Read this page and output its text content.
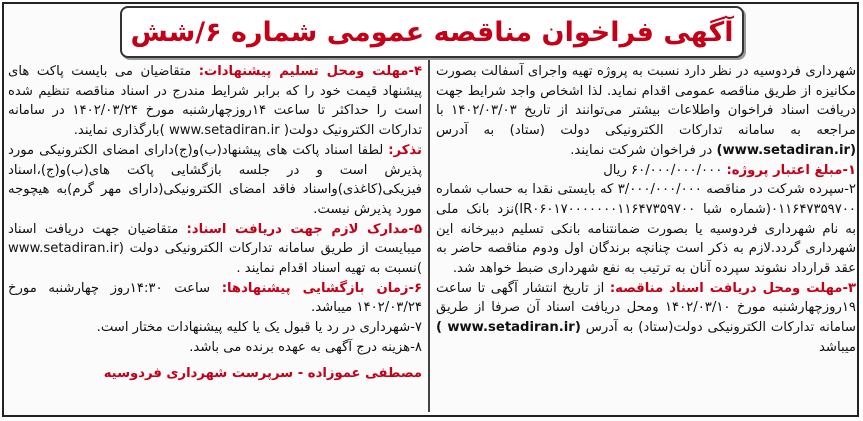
آگهی فراخوان مناقصه عمومی شماره ۶/شش

شهرداری فردوسیه در نظر دارد نسبت به پروژه تهیه واجرای آسفالت بصورت مکانیزه از طریق مناقصه عمومی اقدام نماید. لذا اشخاص واجد شرایط جهت دریافت اسناد فراخوان واطلاعات بیشتر می‌توانند از تاریخ ۱۴۰۲/۰۳/۰۳ با مراجعه به سامانه تدارکات الکترونیکی دولت (ستاد) به آدرس (www.setadiran.ir) در فراخوان شرکت نمایند.

۱-مبلغ اعتبار پروژه: ۶۰/۰۰۰/۰۰۰/۰۰۰ ریال

۲-سپرده شرکت در مناقصه ۳/۰۰۰/۰۰۰/۰۰۰ که بایستی نقدا به حساب شماره ۰۱۱۶۴۷۳۵۹۷۰۰(شماره شبا IR۰۶۰۱۷۰۰۰۰۰۰۰۱۱۶۴۷۳۵۹۷۰۰)نزد بانک ملی به نام شهرداری فردوسیه یا بصورت ضمانتنامه بانکی تسلیم دبیرخانه این شهرداری گردد.لازم به ذکر است چنانچه برندگان اول ودوم مناقصه حاضر به عقد قرارداد نشوند سپرده آنان به ترتیب به نفع شهرداری ضبط خواهد شد.

۳-مهلت ومحل دریافت اسناد مناقصه: از تاریخ انتشار آگهی تا ساعت ۱۹روزچهارشنبه مورخ ۱۴۰۲/۰۳/۱۰ ومحل دریافت اسناد آن صرفا از طریق سامانه تدارکات الکترونیکی دولت(ستاد) به آدرس (www.setadiran.ir ) میباشد

۴-مهلت ومحل تسلیم پیشنهادات: متقاضیان می بایست پاکت های پیشنهاد قیمت خود را که برابر شرایط مندرج در اسناد مناقصه تنظیم شده است را حداکثر تا ساعت ۱۴روزچهارشنبه مورخ ۱۴۰۲/۰۳/۲۴ در سامانه تدارکات الکترونیک دولت( www.setadiran.ir )بارگذاری نمایند.

تذکر: لطفا اسناد پاکت های پیشنهاد(ب)و(ج)دارای امضای الکترونیکی مورد پذیرش است و در جلسه بازگشایی پاکت های(ب)و(ج)،اسناد فیزیکی(کاغذی)واسناد فاقد امضای الکترونیکی(دارای مهر گرم)به هیچوجه مورد پذیرش نیست.

۵-مدارک لازم جهت دریافت اسناد: متقاضیان جهت دریافت اسناد میبایست از طریق سامانه تدارکات الکترونیکی دولت (www.setadiran.ir )نسبت به تهیه اسناد اقدام نمایند .

۶-زمان بازگشایی پیشنهادها: ساعت ۱۴:۳۰روز چهارشنبه مورخ ۱۴۰۲/۰۳/۲۴ میباشد.

۷-شهرداری در رد یا قبول یک یا کلیه پیشنهادات مختار است.

۸-هزینه درج آگهی به عهده برنده می باشد.

مصطفی عموزاده - سرپرست شهرداری فردوسیه
